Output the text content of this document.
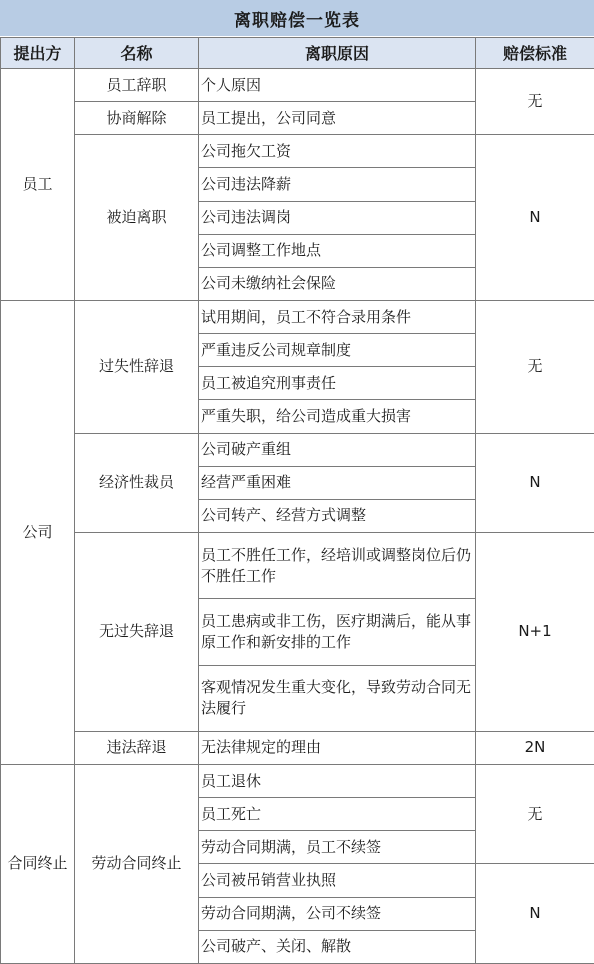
离职赔偿一览表
提出方	名称	离职原因	赔偿标准
员工	员工辞职	个人原因	无
	协商解除	员工提出，公司同意	
	被迫离职	公司拖欠工资	N
		公司违法降薪	
		公司违法调岗	
		公司调整工作地点	
		公司未缴纳社会保险	
公司	过失性辞退	试用期间，员工不符合录用条件	无
		严重违反公司规章制度	
		员工被追究刑事责任	
		严重失职，给公司造成重大损害	
	经济性裁员	公司破产重组	N
		经营严重困难	
		公司转产、经营方式调整	
	无过失辞退	员工不胜任工作，经培训或调整岗位后仍不胜任工作	N+1
		员工患病或非工伤，医疗期满后，能从事原工作和新安排的工作	
		客观情况发生重大变化，导致劳动合同无法履行	
	违法辞退	无法律规定的理由	2N
合同终止	劳动合同终止	员工退休	无
		员工死亡	
		劳动合同期满，员工不续签	
		公司被吊销营业执照	N
		劳动合同期满，公司不续签	
		公司破产、关闭、解散	
